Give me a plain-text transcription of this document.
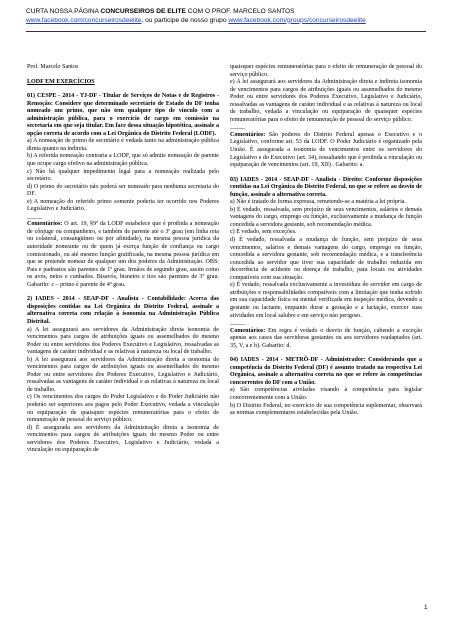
CURTA NOSSA PÁGINA CONCURSEIROS DE ELITE COM O PROF. MARCELO SANTOS
www.facebook.com/concurseirosdeelite, ou participe de nosso grupo www.facebook.com/groups/concurseirosdeelite

Prof. Marcelo Santos

LODF EM EXERCÍCIOS

01) CESPE - 2014 - TJ-DF - Titular de Serviços de Notas e de Registros - Remoção: Considere que determinado secretário de Estado do DF tenha nomeado um primo, que não tem qualquer tipo de vínculo com a administração pública, para o exercício de cargo em comissão na secretaria em que seja titular. Em face dessa situação hipotética, assinale a opção correta de acordo com a Lei Orgânica do Distrito Federal (LODF).

a) A nomeação de primo de secretário é vedada tanto na administração pública direta quanto na indireta.

b) A referida nomeação contraria a LODF, que só admite nomeação de parente que ocupe cargo efetivo na administração pública.

c) Não há qualquer impedimento legal para a nomeação realizada pelo secretário.

d) O primo do secretário não poderá ser nomeado para nenhuma secretaria do DF.

e) A nomeação do referido primo somente poderia ter ocorrido nos Poderes Legislativo e Judiciário.

_____

Comentários: O art. 19, §9º da LODF estabelece que é proibida a nomeação de cônjuge ou companheiro, e também de parente até o 3º grau (em linha reta ou colateral, consangüíneo ou por afinidade), na mesma pessoa jurídica da autoridade nomeante ou de quem já exerça função de confiança ou cargo comissionado, ou até mesmo função gratificada, na mesma pessoa jurídica em que se pretende nomear de qualquer um dos poderes da Administração. OBS: Pais e padrastos são parentes de 1º grau. Irmãos de segundo grau, assim como os avós, netos e cunhados. Bisavós, bisnetos e tios são parentes de 3º grau. Gabarito: c – primo é parente de 4º grau.

2) IADES - 2014 - SEAP-DF - Analista - Contabilidade: Acerca das disposições contidas na Lei Orgânica do Distrito Federal, assinale a alternativa correta com relação à isonomia na Administração Pública Distrital.

a) A lei assegurará aos servidores da Administração direta isonomia de vencimentos para cargos de atribuições iguais ou assemelhados do mesmo Poder ou entre servidores dos Poderes Executivo e Legislativo, ressalvadas as vantagens de caráter individual e as relativas à natureza ou local de trabalho.

b) A lei assegurará aos servidores da Administração direta a isonomia de vencimentos para cargos de atribuições iguais ou assemelhados do mesmo Poder ou entre servidores dos Poderes Executivo, Legislativo e Judiciário, ressalvadas as vantagens de caráter individual e as relativas à natureza ou local de trabalho.

c) Os vencimentos dos cargos do Poder Legislativo e do Poder Judiciário não poderão ser superiores aos pagos pelo Poder Executivo, vedada a vinculação ou equiparação de quaisquer espécies remuneratórias para o efeito de remuneração de pessoal do serviço público.

d) É assegurada aos servidores da Administração direta a isonomia de vencimentos para cargos de atribuições iguais do mesmo Poder ou entre servidores dos Poderes Executivo, Legislativo e Judiciário, vedada a vinculação ou equiparação de

quaisquer espécies remuneratórias para o efeito de remuneração de pessoal do serviço público.

e) A lei assegurará aos servidores da Administração direta e indireta isonomia de vencimentos para cargos de atribuições iguais ou assemelhados do mesmo Poder ou entre servidores dos Poderes Executivo, Legislativo e Judiciário, ressalvadas as vantagens de caráter individual e as relativas à natureza ou local de trabalho, vedada a vinculação ou equiparação de quaisquer espécies remuneratórias para o efeito de remuneração de pessoal do serviço público.

_____

Comentários: São poderes do Distrito Federal apenas o Executivo e o Legislativo, conforme art. 53 da LODF. O Poder Judiciário é organizado pela União. É assegurada a isonomia de vencimentos entre os servidores do Legislativo e do Executivo (art. 34), ressaltando que é proibida a vinculação ou equiparação de vencimentos (art. 19, XII) . Gabarito: a.

03) IADES - 2014 - SEAP-DF - Analista - Direito: Conforme disposições contidas na Lei Orgânica do Distrito Federal, no que se refere ao desvio de função, assinale a alternativa correta.

a) Não é tratado de forma expressa, remetendo-se a matéria a lei própria.

b) É vedado, ressalvada, sem prejuízo de seus vencimentos, salários e demais vantagens do cargo, emprego ou função, exclusivamente a mudança de função concedida a servidora gestante, sob recomendação médica.

c) É vedado, sem exceções.

d) É vedado, ressalvada a mudança de função, sem prejuízo de seus vencimentos, salários e demais vantagens do cargo, emprego ou função, concedida a servidora gestante, sob recomendação médica, e a transferência concedida ao servidor que tiver sua capacidade de trabalho reduzida em decorrência de acidente ou doença de trabalho, para locais ou atividades compatíveis com sua situação.

e) É vedado, ressalvada exclusivamente a investidura do servidor em cargo de atribuições e responsabilidades compatíveis com a limitação que tenha sofrido em sua capacidade física ou mental verificada em inspeção médica, devendo a gestante ou lactante, enquanto durar a gestação e a lactação, exercer suas atividades em local salubre e em serviço não perigoso.

_____

Comentários: Em regra é vedado o desvio de função, cabendo a exceção apenas aos casos das servidoras gestantes ou aos servidores readaptados (art. 35, V, a e b). Gabarito: d.

04) IADES - 2014 - METRÔ-DF - Administrador: Considerando que a competência do Distrito Federal (DF) é assunto tratado na respectiva Lei Orgânica, assinale a alternativa correta no que se refere às competências concorrentes do DF com a União.

a) São competências arroladas visando à competência para legislar concorrentemente com a União.

b) O Distrito Federal, no exercício de sua competência suplementar, observará as normas complementares estabelecidas pela União.

1
